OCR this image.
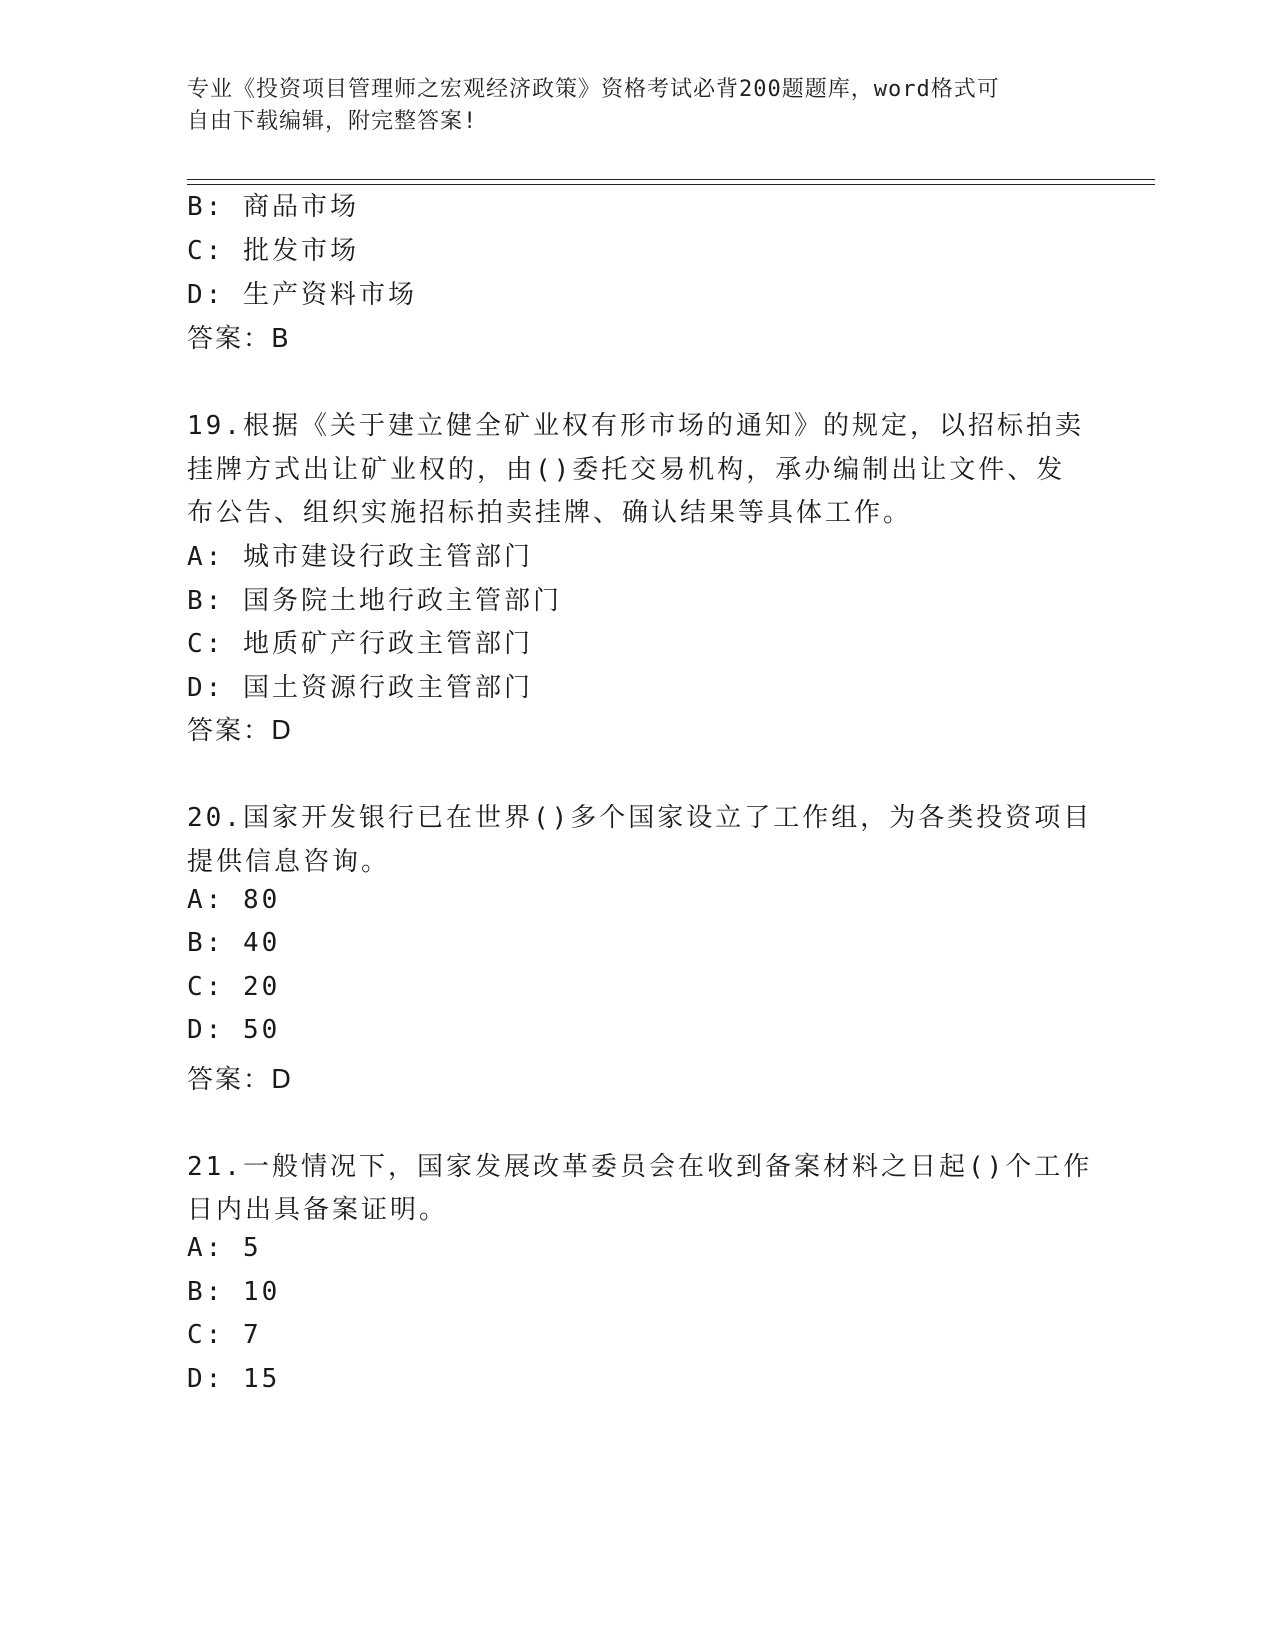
专业《投资项目管理师之宏观经济政策》资格考试必背200题题库，word格式可
自由下载编辑，附完整答案!
B: 商品市场
C: 批发市场
D: 生产资料市场
答案：B
19.根据《关于建立健全矿业权有形市场的通知》的规定，以招标拍卖
挂牌方式出让矿业权的，由()委托交易机构，承办编制出让文件、发
布公告、组织实施招标拍卖挂牌、确认结果等具体工作。
A: 城市建设行政主管部门
B: 国务院土地行政主管部门
C: 地质矿产行政主管部门
D: 国土资源行政主管部门
答案：D
20.国家开发银行已在世界()多个国家设立了工作组，为各类投资项目
提供信息咨询。
A: 80
B: 40
C: 20
D: 50
答案：D
21.一般情况下，国家发展改革委员会在收到备案材料之日起()个工作
日内出具备案证明。
A: 5
B: 10
C: 7
D: 15
